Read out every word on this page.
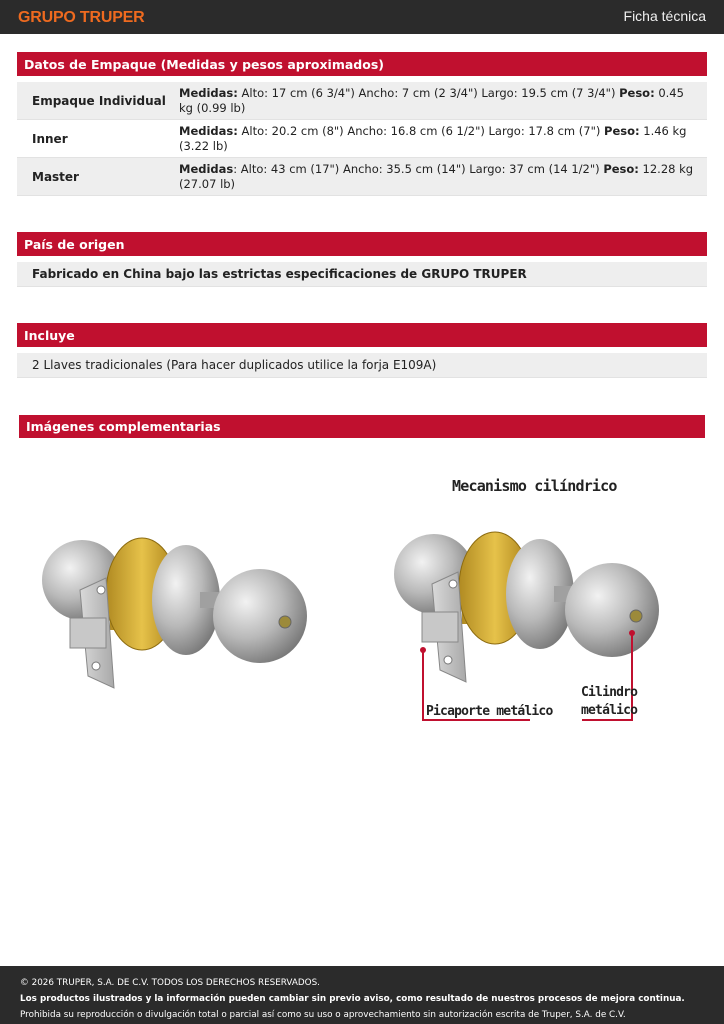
GRUPO TRUPER	Ficha técnica
Datos de Empaque (Medidas y pesos aproximados)
Empaque Individual
Medidas: Alto: 17 cm (6 3/4") Ancho: 7 cm (2 3/4") Largo: 19.5 cm (7 3/4") Peso: 0.45 kg (0.99 lb)
Inner
Medidas: Alto: 20.2 cm (8") Ancho: 16.8 cm (6 1/2") Largo: 17.8 cm (7") Peso: 1.46 kg (3.22 lb)
Master
Medidas: Alto: 43 cm (17") Ancho: 35.5 cm (14") Largo: 37 cm (14 1/2") Peso: 12.28 kg (27.07 lb)
País de origen
Fabricado en China bajo las estrictas especificaciones de GRUPO TRUPER
Incluye
2 Llaves tradicionales (Para hacer duplicados utilice la forja E109A)
Imágenes complementarias
Mecanismo cilíndrico
Picaporte metálico
Cilindro
metálico
© 2026 TRUPER, S.A. DE C.V. TODOS LOS DERECHOS RESERVADOS.
Los productos ilustrados y la información pueden cambiar sin previo aviso, como resultado de nuestros procesos de mejora continua.
Prohibida su reproducción o divulgación total o parcial así como su uso o aprovechamiento sin autorización escrita de Truper, S.A. de C.V.
